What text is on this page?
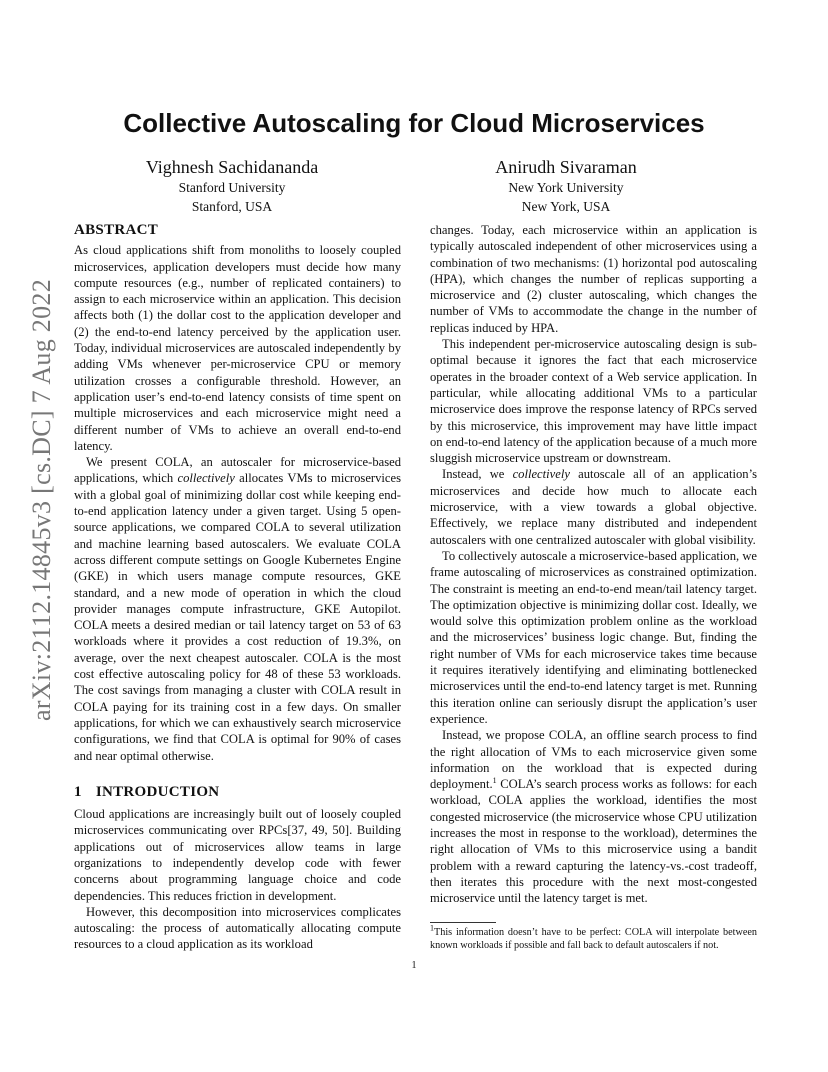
arXiv:2112.14845v3 [cs.DC] 7 Aug 2022
Collective Autoscaling for Cloud Microservices
Vighnesh Sachidananda
Stanford University
Stanford, USA
Anirudh Sivaraman
New York University
New York, USA
ABSTRACT

As cloud applications shift from monoliths to loosely coupled microservices, application developers must decide how many compute resources (e.g., number of replicated containers) to assign to each microservice within an application. This decision affects both (1) the dollar cost to the application developer and (2) the end-to-end latency perceived by the application user. Today, individual microservices are autoscaled independently by adding VMs whenever per-microservice CPU or memory utilization crosses a configurable threshold. However, an application user’s end-to-end latency consists of time spent on multiple microservices and each microservice might need a different number of VMs to achieve an overall end-to-end latency.

We present COLA, an autoscaler for microservice-based applications, which collectively allocates VMs to microservices with a global goal of minimizing dollar cost while keeping end-to-end application latency under a given target. Using 5 open-source applications, we compared COLA to several utilization and machine learning based autoscalers. We evaluate COLA across different compute settings on Google Kubernetes Engine (GKE) in which users manage compute resources, GKE standard, and a new mode of operation in which the cloud provider manages compute infrastructure, GKE Autopilot. COLA meets a desired median or tail latency target on 53 of 63 workloads where it provides a cost reduction of 19.3%, on average, over the next cheapest autoscaler. COLA is the most cost effective autoscaling policy for 48 of these 53 workloads. The cost savings from managing a cluster with COLA result in COLA paying for its training cost in a few days. On smaller applications, for which we can exhaustively search microservice configurations, we find that COLA is optimal for 90% of cases and near optimal otherwise.

1 INTRODUCTION

Cloud applications are increasingly built out of loosely coupled microservices communicating over RPCs[37, 49, 50]. Building applications out of microservices allow teams in large organizations to independently develop code with fewer concerns about programming language choice and code dependencies. This reduces friction in development.

However, this decomposition into microservices complicates autoscaling: the process of automatically allocating compute resources to a cloud application as its workload

changes. Today, each microservice within an application is typically autoscaled independent of other microservices using a combination of two mechanisms: (1) horizontal pod autoscaling (HPA), which changes the number of replicas supporting a microservice and (2) cluster autoscaling, which changes the number of VMs to accommodate the change in the number of replicas induced by HPA.

This independent per-microservice autoscaling design is sub-optimal because it ignores the fact that each microservice operates in the broader context of a Web service application. In particular, while allocating additional VMs to a particular microservice does improve the response latency of RPCs served by this microservice, this improvement may have little impact on end-to-end latency of the application because of a much more sluggish microservice upstream or downstream.

Instead, we collectively autoscale all of an application’s microservices and decide how much to allocate each microservice, with a view towards a global objective. Effectively, we replace many distributed and independent autoscalers with one centralized autoscaler with global visibility.

To collectively autoscale a microservice-based application, we frame autoscaling of microservices as constrained optimization. The constraint is meeting an end-to-end mean/tail latency target. The optimization objective is minimizing dollar cost. Ideally, we would solve this optimization problem online as the workload and the microservices’ business logic change. But, finding the right number of VMs for each microservice takes time because it requires iteratively identifying and eliminating bottlenecked microservices until the end-to-end latency target is met. Running this iteration online can seriously disrupt the application’s user experience.

Instead, we propose COLA, an offline search process to find the right allocation of VMs to each microservice given some information on the workload that is expected during deployment.$^1$ COLA’s search process works as follows: for each workload, COLA applies the workload, identifies the most congested microservice (the microservice whose CPU utilization increases the most in response to the workload), determines the right allocation of VMs to this microservice using a bandit problem with a reward capturing the latency-vs.-cost tradeoff, then iterates this procedure with the next most-congested microservice until the latency target is met.

$^1$This information doesn’t have to be perfect: COLA will interpolate between known workloads if possible and fall back to default autoscalers if not.
1
